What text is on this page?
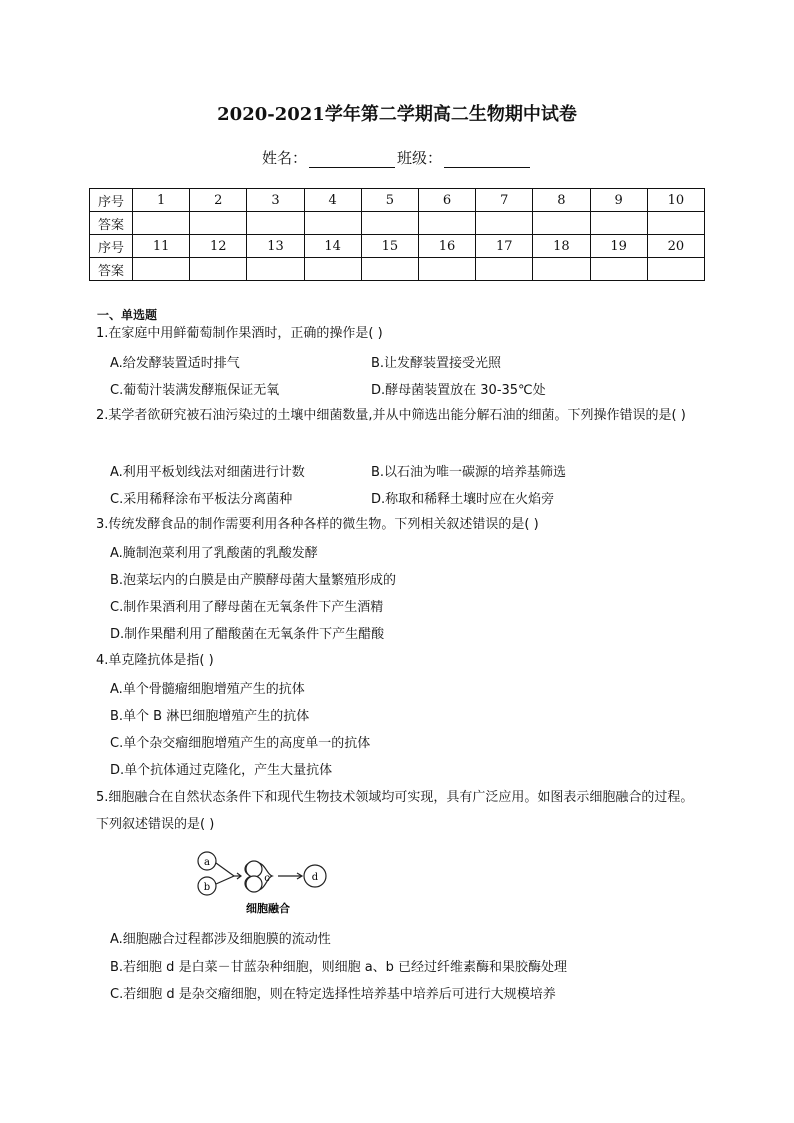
2020-2021学年第二学期高二生物期中试卷
姓名：	班级：
序号	1	2	3	4	5	6	7	8	9	10
答案										
序号	11	12	13	14	15	16	17	18	19	20
答案										
一、单选题
1.在家庭中用鲜葡萄制作果酒时，正确的操作是( )
A.给发酵装置适时排气	B.让发酵装置接受光照
C.葡萄汁装满发酵瓶保证无氧	D.酵母菌装置放在 30-35℃处
2.某学者欲研究被石油污染过的土壤中细菌数量,并从中筛选出能分解石油的细菌。下列操作错误的是( )
A.利用平板划线法对细菌进行计数	B.以石油为唯一碳源的培养基筛选
C.采用稀释涂布平板法分离菌种	D.称取和稀释土壤时应在火焰旁
3.传统发酵食品的制作需要利用各种各样的微生物。下列相关叙述错误的是( )
A.腌制泡菜利用了乳酸菌的乳酸发酵
B.泡菜坛内的白膜是由产膜酵母菌大量繁殖形成的
C.制作果酒利用了酵母菌在无氧条件下产生酒精
D.制作果醋利用了醋酸菌在无氧条件下产生醋酸
4.单克隆抗体是指( )
A.单个骨髓瘤细胞增殖产生的抗体
B.单个 B 淋巴细胞增殖产生的抗体
C.单个杂交瘤细胞增殖产生的高度单一的抗体
D.单个抗体通过克隆化，产生大量抗体
5.细胞融合在自然状态条件下和现代生物技术领域均可实现，具有广泛应用。如图表示细胞融合的过程。下列叙述错误的是( )
a
b
c	d
细胞融合
A.细胞融合过程都涉及细胞膜的流动性
B.若细胞 d 是白菜－甘蓝杂种细胞，则细胞 a、b 已经过纤维素酶和果胶酶处理
C.若细胞 d 是杂交瘤细胞，则在特定选择性培养基中培养后可进行大规模培养
